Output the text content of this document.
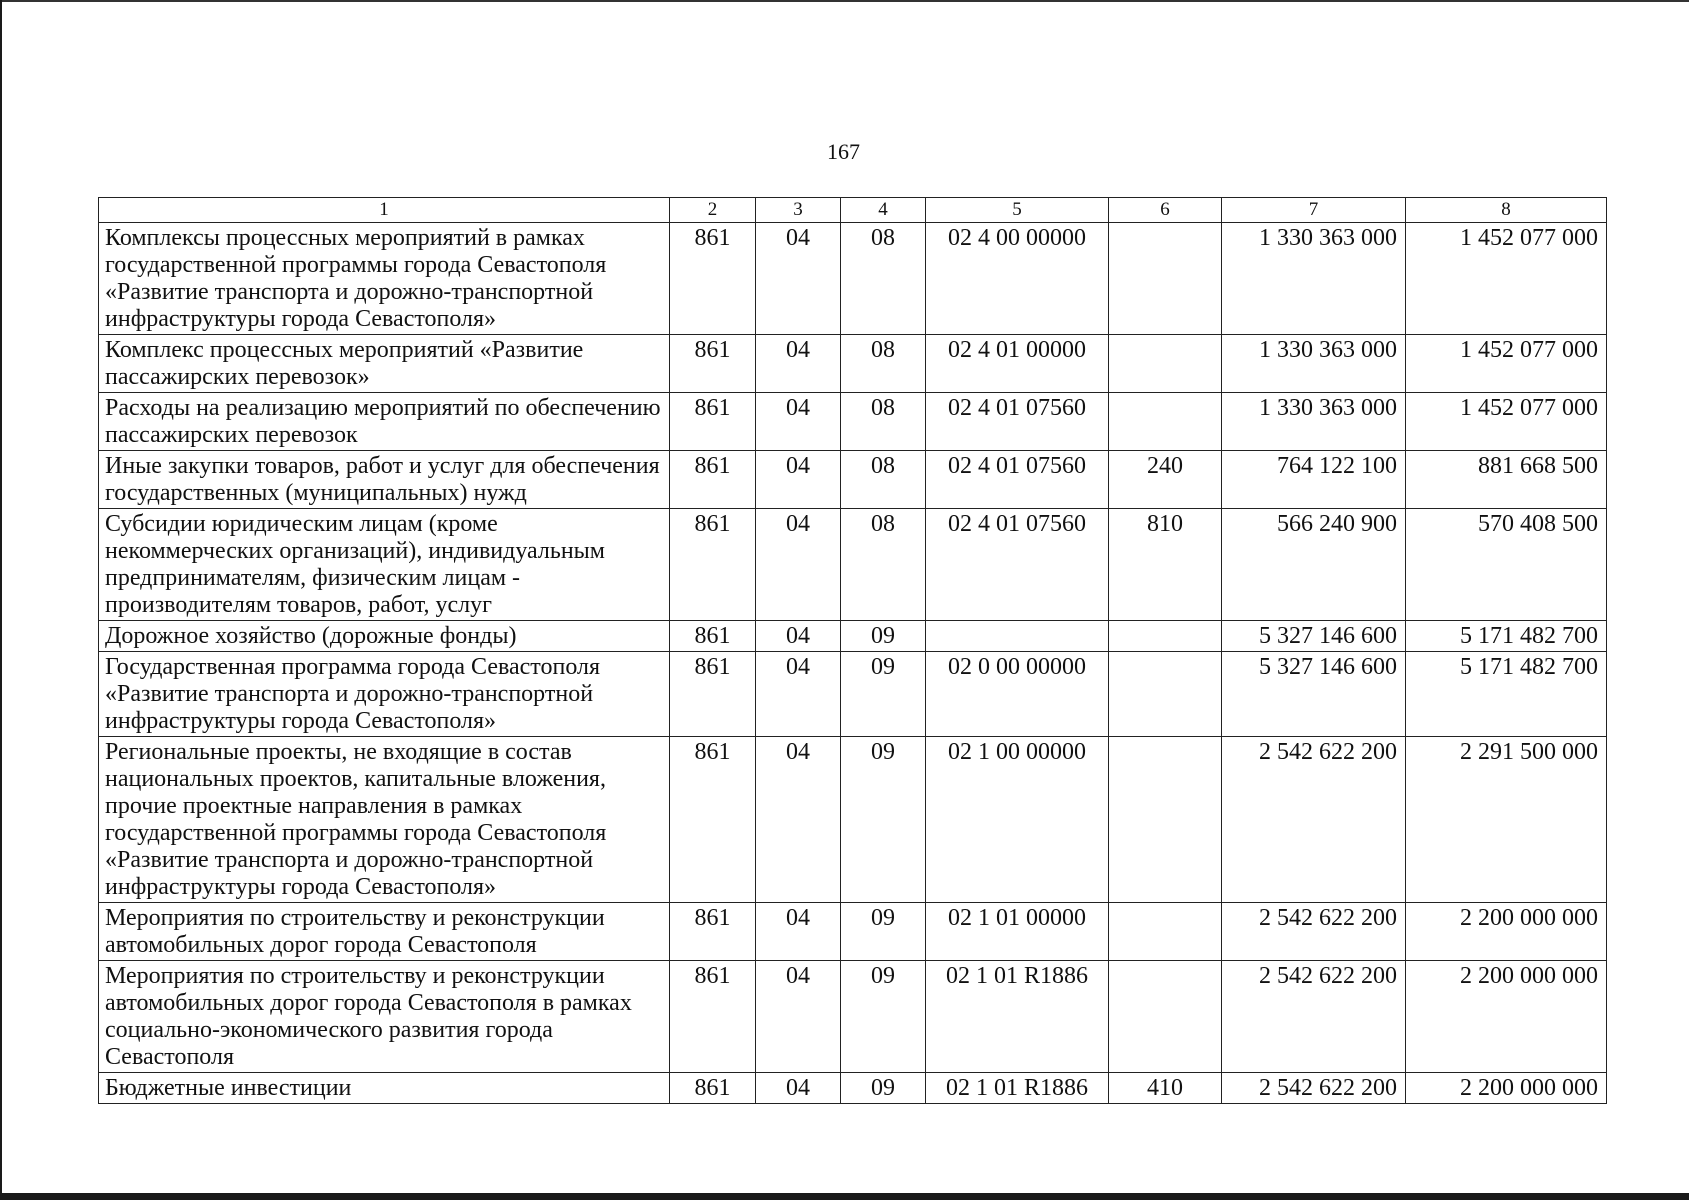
167
1	2	3	4	5	6	7	8
Комплексы процессных мероприятий в рамках государственной программы города Севастополя «Развитие транспорта и дорожно-транспортной инфраструктуры города Севастополя»	861	04	08	02 4 00 00000		1 330 363 000	1 452 077 000
Комплекс процессных мероприятий «Развитие пассажирских перевозок»	861	04	08	02 4 01 00000		1 330 363 000	1 452 077 000
Расходы на реализацию мероприятий по обеспечению пассажирских перевозок	861	04	08	02 4 01 07560		1 330 363 000	1 452 077 000
Иные закупки товаров, работ и услуг для обеспечения государственных (муниципальных) нужд	861	04	08	02 4 01 07560	240	764 122 100	881 668 500
Субсидии юридическим лицам (кроме некоммерческих организаций), индивидуальным предпринимателям, физическим лицам - производителям товаров, работ, услуг	861	04	08	02 4 01 07560	810	566 240 900	570 408 500
Дорожное хозяйство (дорожные фонды)	861	04	09			5 327 146 600	5 171 482 700
Государственная программа города Севастополя «Развитие транспорта и дорожно-транспортной инфраструктуры города Севастополя»	861	04	09	02 0 00 00000		5 327 146 600	5 171 482 700
Региональные проекты, не входящие в состав национальных проектов, капитальные вложения, прочие проектные направления в рамках государственной программы города Севастополя «Развитие транспорта и дорожно-транспортной инфраструктуры города Севастополя»	861	04	09	02 1 00 00000		2 542 622 200	2 291 500 000
Мероприятия по строительству и реконструкции автомобильных дорог города Севастополя	861	04	09	02 1 01 00000		2 542 622 200	2 200 000 000
Мероприятия по строительству и реконструкции автомобильных дорог города Севастополя в рамках социально-экономического развития города Севастополя	861	04	09	02 1 01 R1886		2 542 622 200	2 200 000 000
Бюджетные инвестиции	861	04	09	02 1 01 R1886	410	2 542 622 200	2 200 000 000
